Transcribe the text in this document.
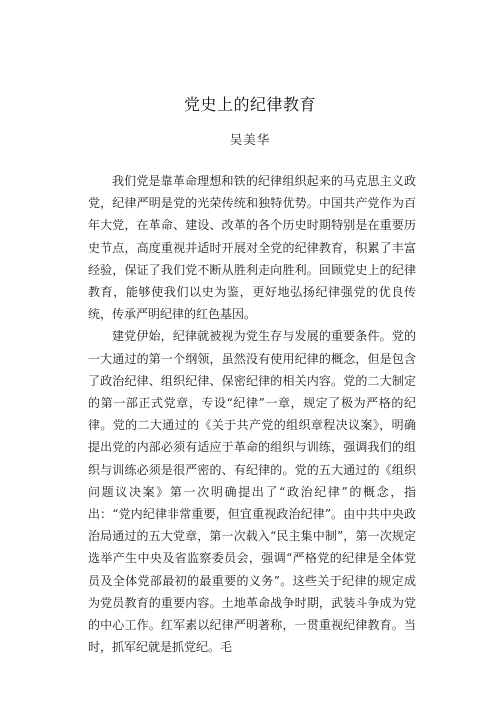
党史上的纪律教育
吴美华

我们党是靠革命理想和铁的纪律组织起来的马克思主义政党，纪律严明是党的光荣传统和独特优势。中国共产党作为百年大党，在革命、建设、改革的各个历史时期特别是在重要历史节点，高度重视并适时开展对全党的纪律教育，积累了丰富经验，保证了我们党不断从胜利走向胜利。回顾党史上的纪律教育，能够使我们以史为鉴，更好地弘扬纪律强党的优良传统，传承严明纪律的红色基因。

建党伊始，纪律就被视为党生存与发展的重要条件。党的一大通过的第一个纲领，虽然没有使用纪律的概念，但是包含了政治纪律、组织纪律、保密纪律的相关内容。党的二大制定的第一部正式党章，专设“纪律”一章，规定了极为严格的纪律。党的二大通过的《关于共产党的组织章程决议案》，明确提出党的内部必须有适应于革命的组织与训练，强调我们的组织与训练必须是很严密的、有纪律的。党的五大通过的《组织问题议决案》第一次明确提出了“政治纪律”的概念，指出：“党内纪律非常重要，但宜重视政治纪律”。由中共中央政治局通过的五大党章，第一次载入“民主集中制”，第一次规定选举产生中央及省监察委员会，强调“严格党的纪律是全体党员及全体党部最初的最重要的义务”。这些关于纪律的规定成为党员教育的重要内容。土地革命战争时期，武装斗争成为党的中心工作。红军素以纪律严明著称，一贯重视纪律教育。当时，抓军纪就是抓党纪。毛
